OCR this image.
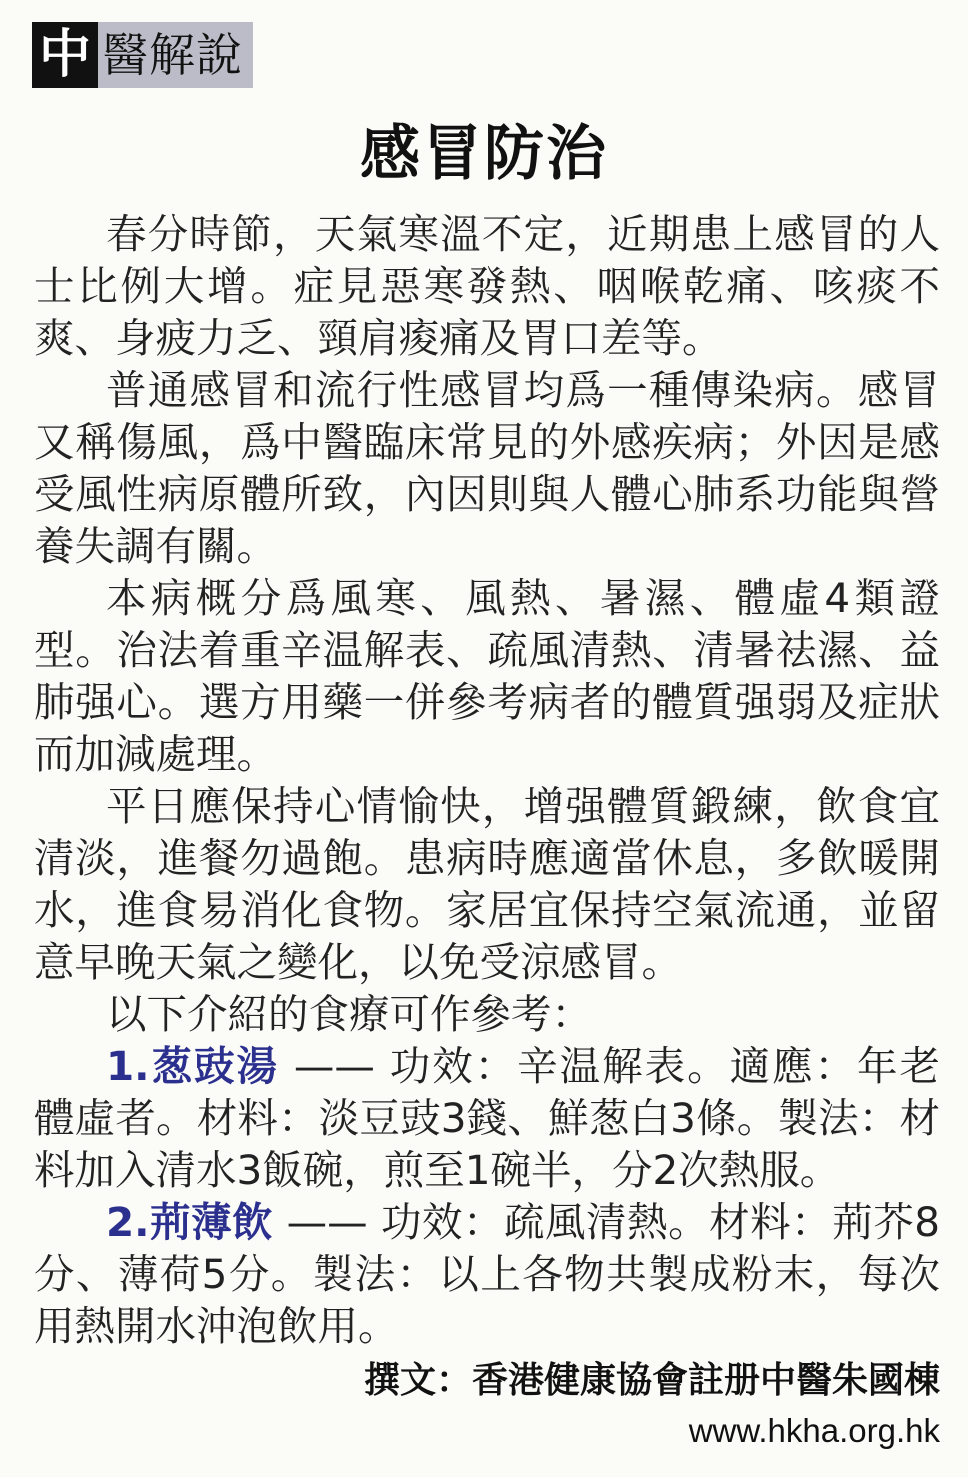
中 醫解說
感冒防治

春分時節，天氣寒溫不定，近期患上感冒的人士比例大增。症見惡寒發熱、咽喉乾痛、咳痰不爽、身疲力乏、頸肩痠痛及胃口差等。

普通感冒和流行性感冒均爲一種傳染病。感冒又稱傷風，爲中醫臨床常見的外感疾病；外因是感受風性病原體所致，內因則與人體心肺系功能與營養失調有關。

本病概分爲風寒、風熱、暑濕、體虛4類證型。治法着重辛温解表、疏風清熱、清暑祛濕、益肺强心。選方用藥一併參考病者的體質强弱及症狀而加減處理。

平日應保持心情愉快，增强體質鍛練，飲食宜清淡，進餐勿過飽。患病時應適當休息，多飲暖開水，進食易消化食物。家居宜保持空氣流通，並留意早晚天氣之變化，以免受涼感冒。

以下介紹的食療可作參考：

1.葱豉湯 —— 功效：辛温解表。適應：年老體虛者。材料：淡豆豉3錢、鮮葱白3條。製法：材料加入清水3飯碗，煎至1碗半，分2次熱服。

2.荊薄飲 —— 功效：疏風清熱。材料：荊芥8分、薄荷5分。製法：以上各物共製成粉末，每次用熱開水沖泡飲用。

撰文：香港健康協會註册中醫朱國棟
www.hkha.org.hk
